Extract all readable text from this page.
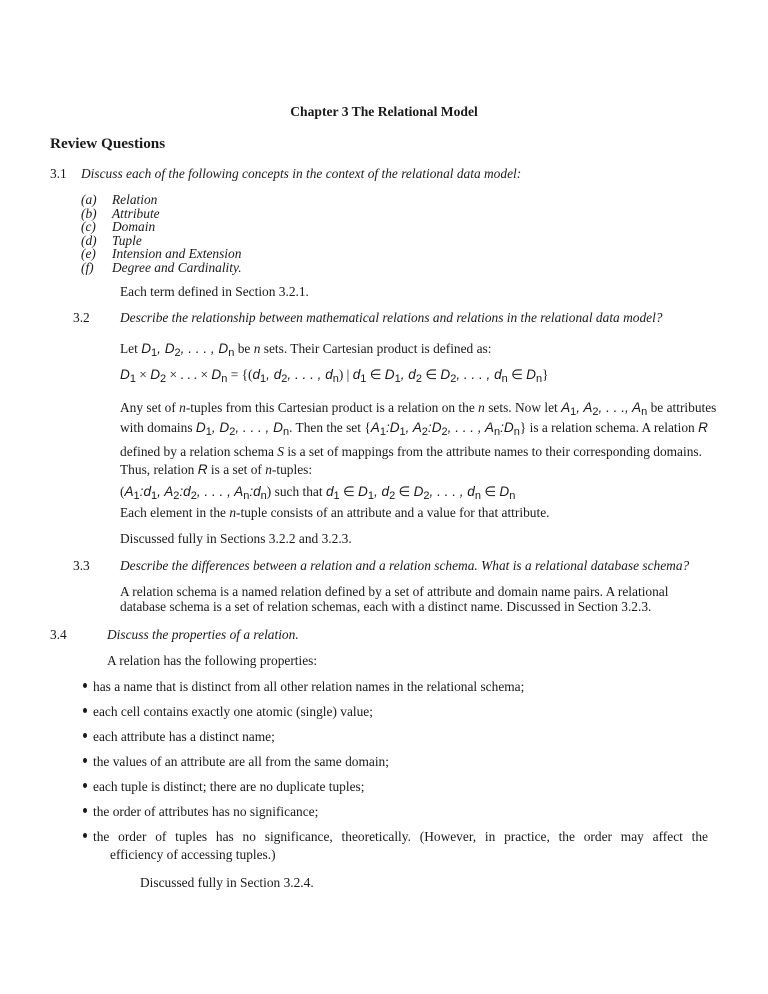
Chapter 3 The Relational Model
Review Questions
3.1 Discuss each of the following concepts in the context of the relational data model:
(a) Relation
(b) Attribute
(c) Domain
(d) Tuple
(e) Intension and Extension
(f) Degree and Cardinality.
Each term defined in Section 3.2.1.
3.2 Describe the relationship between mathematical relations and relations in the relational data model?
Let $D_1$, $D_2$, . . . , $D_n$ be n sets. Their Cartesian product is defined as:
$D_1 \times D_2$ × . . . × $D_n = \{(d_1$, $d_2$, . . . , $d_n$) | $d_1$ ∈ $D_1$, $d_2$ ∈ $D_2$, . . . , $d_n$ ∈ $D_n$}
Any set of n-tuples from this Cartesian product is a relation on the n sets. Now let $A_1$, $A_2$, . . ., $A_n$ be attributes
with domains $D_1$, $D_2$, . . . , $D_n$. Then the set {$A_1:D_1$, $A_2:D_2$, . . . , $A_n:D_n$} is a relation schema. A relation R
defined by a relation schema S is a set of mappings from the attribute names to their corresponding domains.
Thus, relation R is a set of n-tuples:
($A_1:d_1$, $A_2:d_2$, . . . , $A_n:d_n$) such that $d_1$ ∈ $D_1$, $d_2$ ∈ $D_2$, . . . , $d_n$ ∈ $D_n$
Each element in the n-tuple consists of an attribute and a value for that attribute.
Discussed fully in Sections 3.2.2 and 3.2.3.
3.3 Describe the differences between a relation and a relation schema. What is a relational database schema?
A relation schema is a named relation defined by a set of attribute and domain name pairs. A relational
database schema is a set of relation schemas, each with a distinct name. Discussed in Section 3.2.3.
3.4	Discuss the properties of a relation.
A relation has the following properties:
has a name that is distinct from all other relation names in the relational schema;
each cell contains exactly one atomic (single) value;
each attribute has a distinct name;
the values of an attribute are all from the same domain;
each tuple is distinct; there are no duplicate tuples;
the order of attributes has no significance;
the order of tuples has no significance, theoretically. (However, in practice, the order may affect the
efficiency of accessing tuples.)
Discussed fully in Section 3.2.4.
